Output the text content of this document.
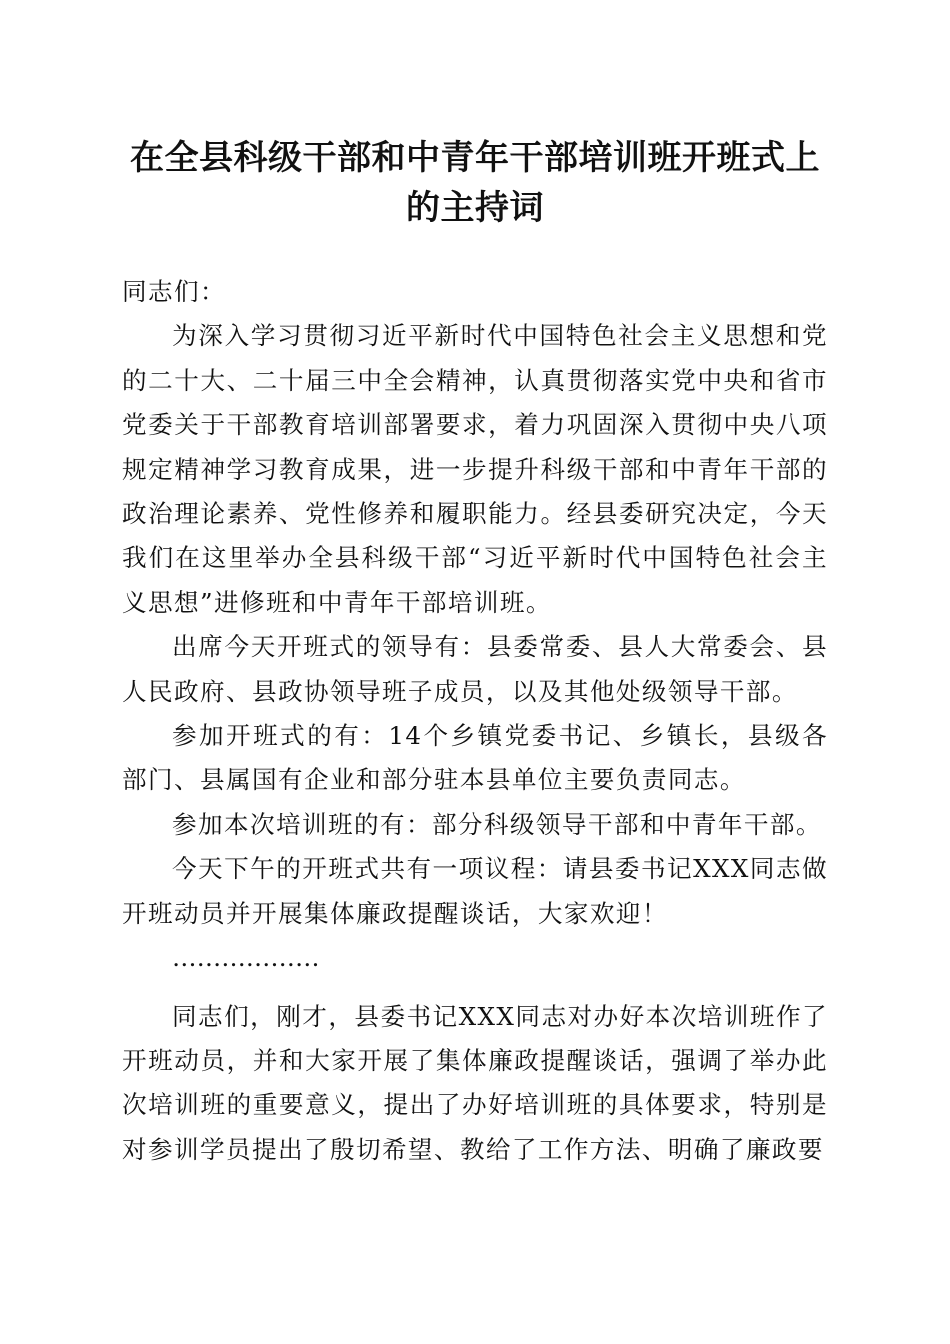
在全县科级干部和中青年干部培训班开班式上
的主持词

同志们：

为深入学习贯彻习近平新时代中国特色社会主义思想和党的二十大、二十届三中全会精神，认真贯彻落实党中央和省市党委关于干部教育培训部署要求，着力巩固深入贯彻中央八项规定精神学习教育成果，进一步提升科级干部和中青年干部的政治理论素养、党性修养和履职能力。经县委研究决定，今天我们在这里举办全县科级干部“习近平新时代中国特色社会主义思想”进修班和中青年干部培训班。

出席今天开班式的领导有：县委常委、县人大常委会、县人民政府、县政协领导班子成员，以及其他处级领导干部。

参加开班式的有：14个乡镇党委书记、乡镇长，县级各部门、县属国有企业和部分驻本县单位主要负责同志。

参加本次培训班的有：部分科级领导干部和中青年干部。

今天下午的开班式共有一项议程：请县委书记XXX同志做开班动员并开展集体廉政提醒谈话，大家欢迎！

………………

同志们，刚才，县委书记XXX同志对办好本次培训班作了开班动员，并和大家开展了集体廉政提醒谈话，强调了举办此次培训班的重要意义，提出了办好培训班的具体要求，特别是对参训学员提出了殷切希望、教给了工作方法、明确了廉政要
